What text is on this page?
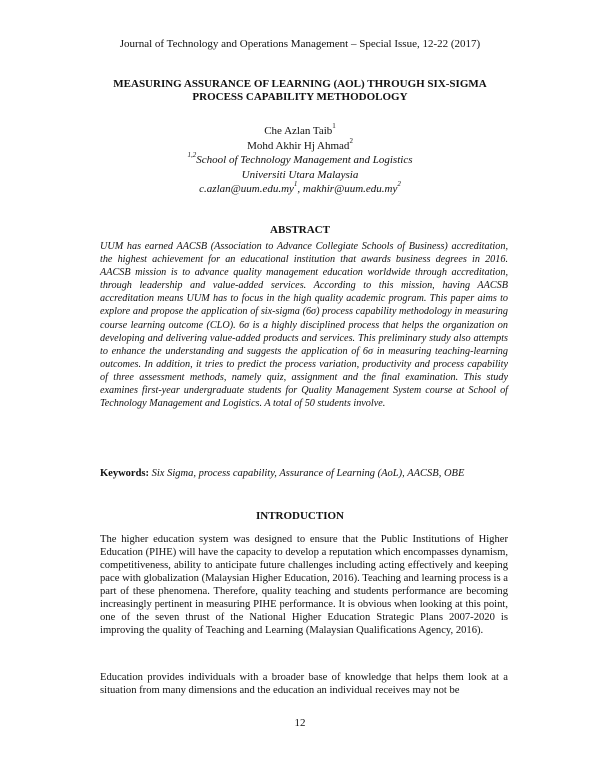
Journal of Technology and Operations Management – Special Issue, 12-22 (2017)
MEASURING ASSURANCE OF LEARNING (AOL) THROUGH SIX-SIGMA PROCESS CAPABILITY METHODOLOGY
Che Azlan Taib$^1$
Mohd Akhir Hj Ahmad$^2$
$^{1,2}$School of Technology Management and Logistics
Universiti Utara Malaysia
$c.azlan@uum.edu.my^1$, $makhir@uum.edu.my^2$
ABSTRACT

UUM has earned AACSB (Association to Advance Collegiate Schools of Business) accreditation, the highest achievement for an educational institution that awards business degrees in 2016. AACSB mission is to advance quality management education worldwide through accreditation, through leadership and value-added services. According to this mission, having AACSB accreditation means UUM has to focus in the high quality academic program. This paper aims to explore and propose the application of six-sigma (6σ) process capability methodology in measuring course learning outcome (CLO). 6σ is a highly disciplined process that helps the organization on developing and delivering value-added products and services. This preliminary study also attempts to enhance the understanding and suggests the application of 6σ in measuring teaching-learning outcomes. In addition, it tries to predict the process variation, productivity and process capability of three assessment methods, namely quiz, assignment and the final examination. This study examines first-year undergraduate students for Quality Management System course at School of Technology Management and Logistics. A total of 50 students involve.

Keywords: Six Sigma, process capability, Assurance of Learning (AoL), AACSB, OBE
INTRODUCTION

The higher education system was designed to ensure that the Public Institutions of Higher Education (PIHE) will have the capacity to develop a reputation which encompasses dynamism, competitiveness, ability to anticipate future challenges including acting effectively and keeping pace with globalization (Malaysian Higher Education, 2016). Teaching and learning process is a part of these phenomena. Therefore, quality teaching and students performance are becoming increasingly pertinent in measuring PIHE performance. It is obvious when looking at this point, one of the seven thrust of the National Higher Education Strategic Plans 2007-2020 is improving the quality of Teaching and Learning (Malaysian Qualifications Agency, 2016).

Education provides individuals with a broader base of knowledge that helps them look at a situation from many dimensions and the education an individual receives may not be

12
